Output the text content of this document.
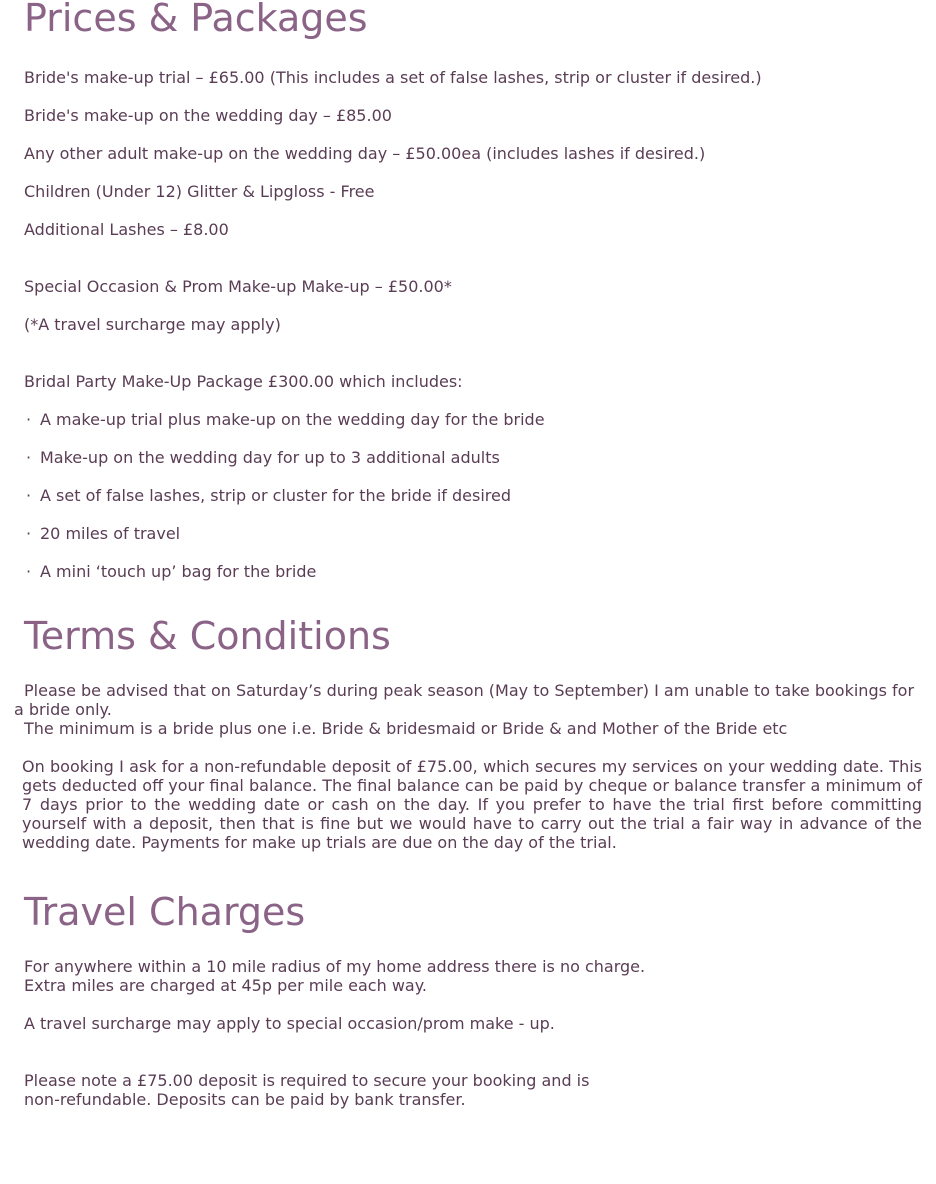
Prices & Packages

Bride's make-up trial – £65.00 (This includes a set of false lashes, strip or cluster if desired.)

Bride's make-up on the wedding day – £85.00

Any other adult make-up on the wedding day – £50.00ea (includes lashes if desired.)

Children (Under 12) Glitter & Lipgloss - Free

Additional Lashes – £8.00

Special Occasion & Prom Make-up Make-up – £50.00*

(*A travel surcharge may apply)

Bridal Party Make-Up Package £300.00 which includes:

· A make-up trial plus make-up on the wedding day for the bride

· Make-up on the wedding day for up to 3 additional adults

· A set of false lashes, strip or cluster for the bride if desired

· 20 miles of travel

· A mini ‘touch up’ bag for the bride

Terms & Conditions

Please be advised that on Saturday’s during peak season (May to September) I am unable to take bookings for a bride only.

The minimum is a bride plus one i.e. Bride & bridesmaid or Bride & and Mother of the Bride etc

On booking I ask for a non-refundable deposit of £75.00, which secures my services on your wedding date. This gets deducted off your final balance. The final balance can be paid by cheque or balance transfer a minimum of 7 days prior to the wedding date or cash on the day. If you prefer to have the trial first before committing yourself with a deposit, then that is fine but we would have to carry out the trial a fair way in advance of the wedding date. Payments for make up trials are due on the day of the trial.

Travel Charges

For anywhere within a 10 mile radius of my home address there is no charge.

Extra miles are charged at 45p per mile each way.

A travel surcharge may apply to special occasion/prom make - up.

Please note a £75.00 deposit is required to secure your booking and is

non-refundable. Deposits can be paid by bank transfer.
